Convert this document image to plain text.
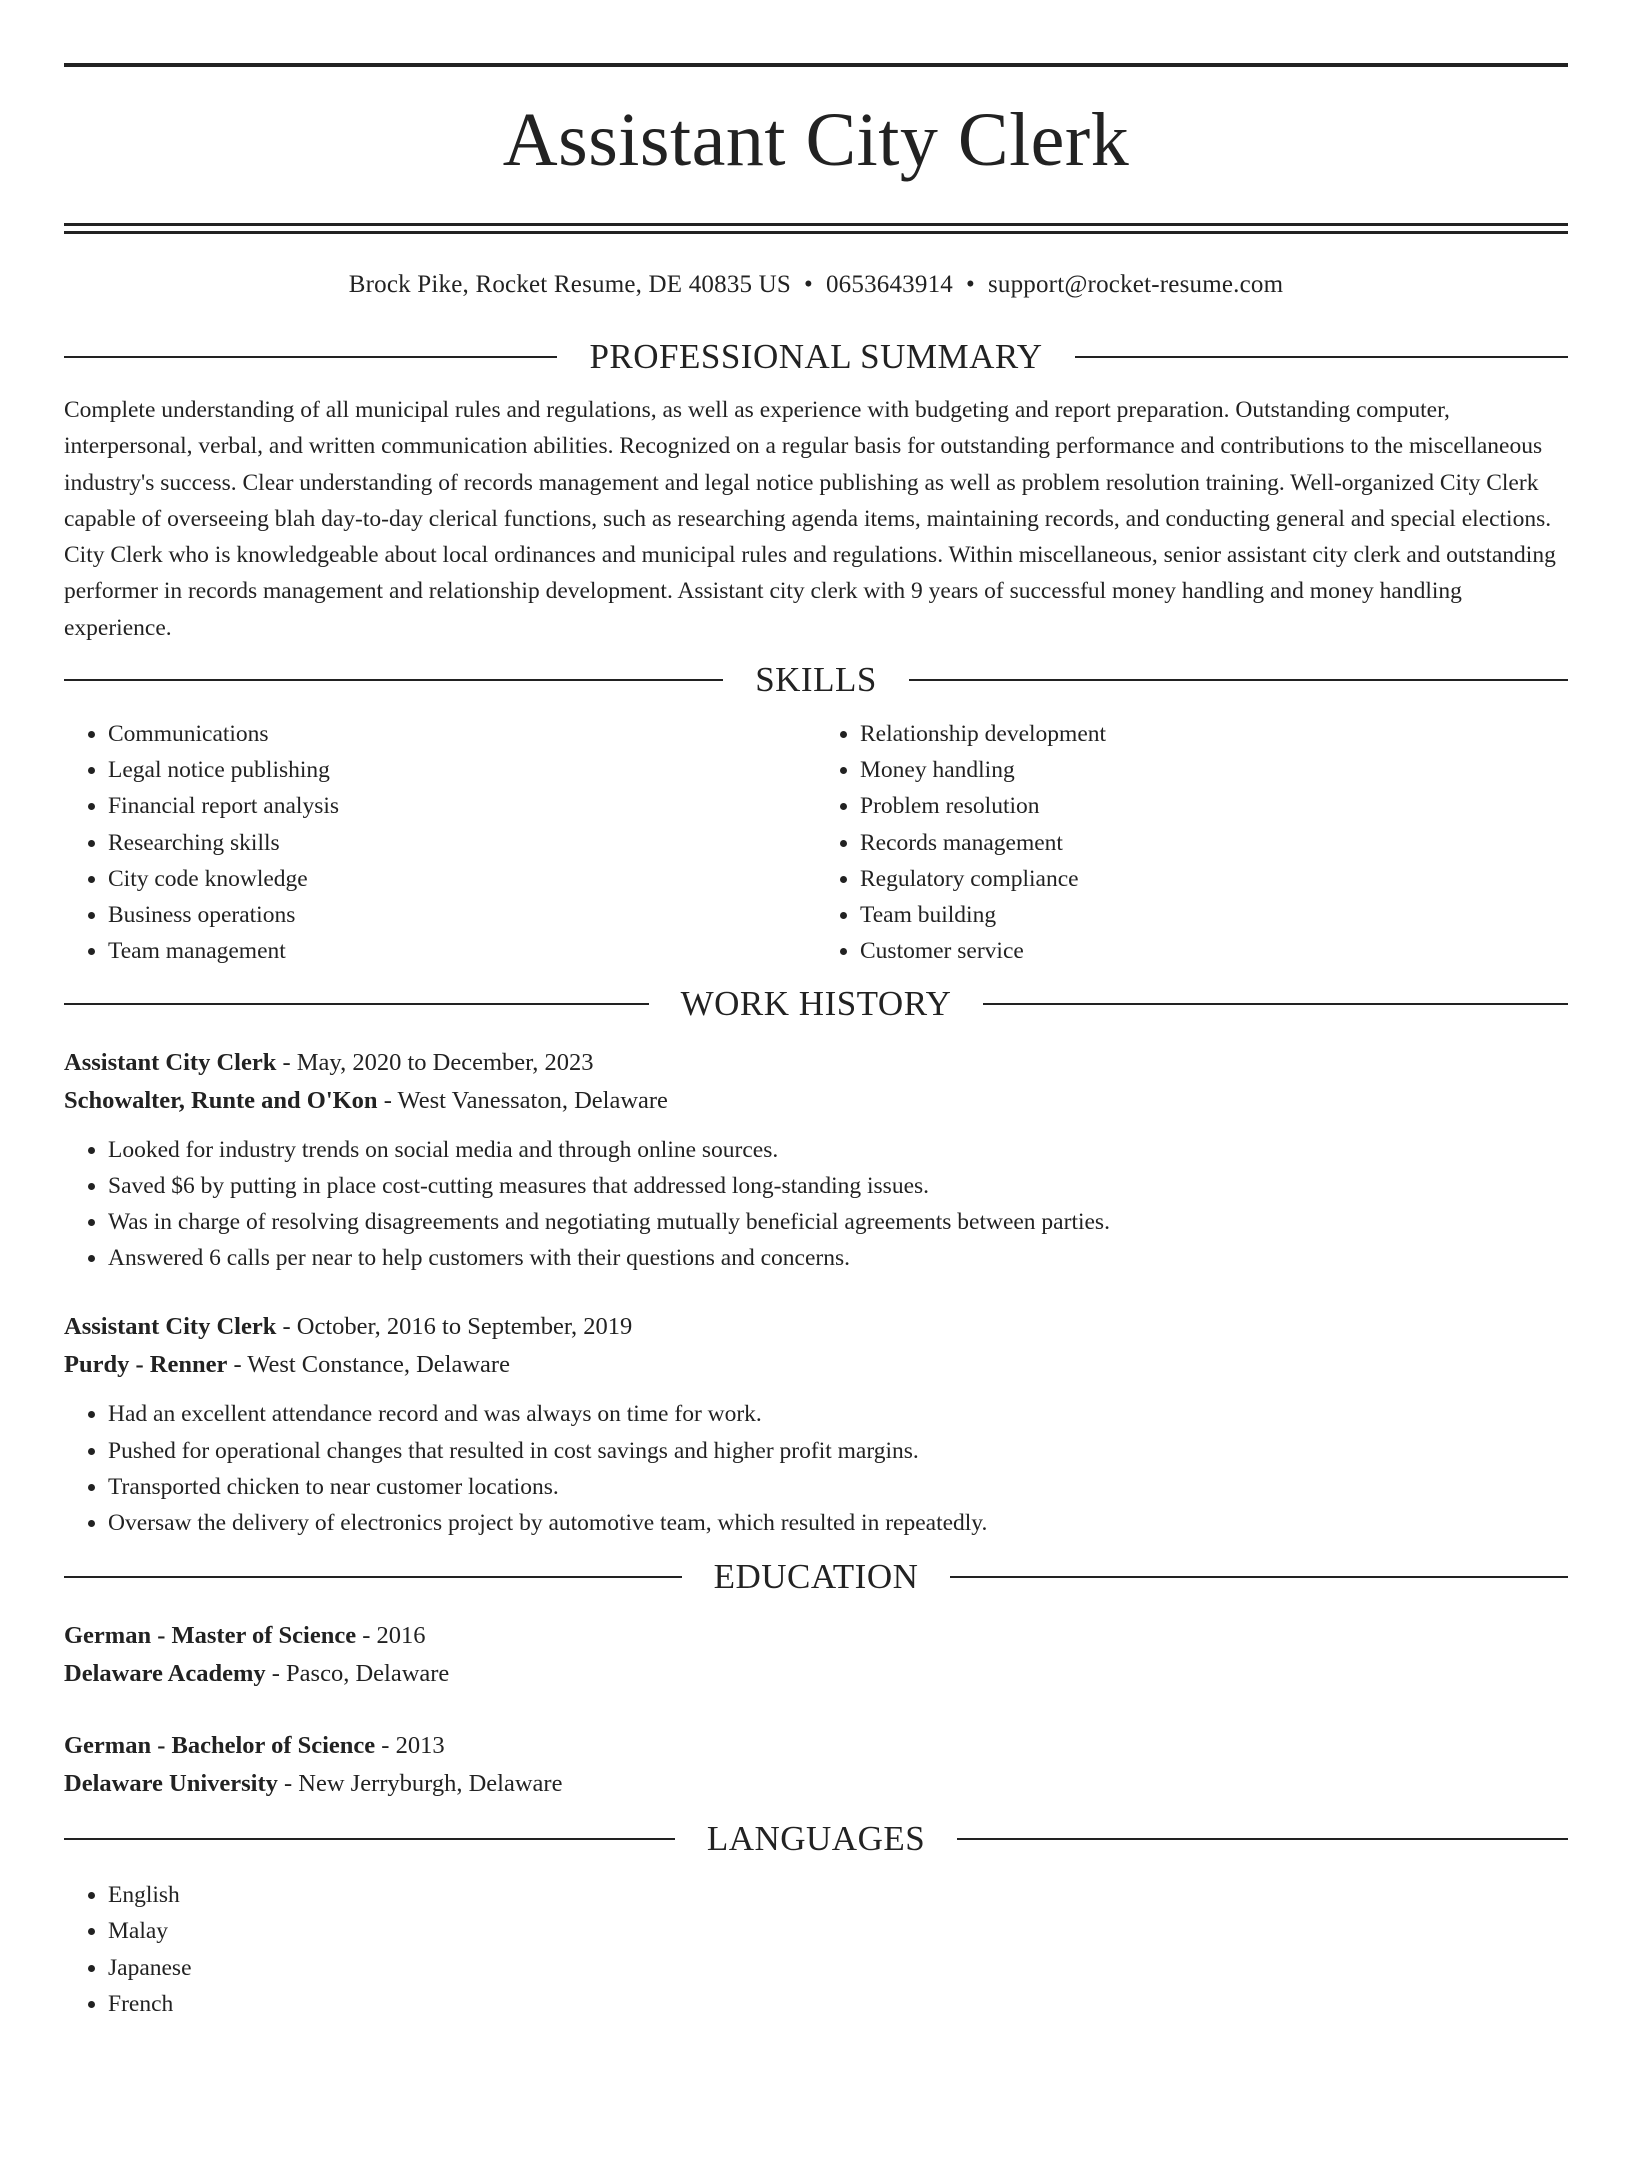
Assistant City Clerk
Brock Pike, Rocket Resume, DE 40835 US • 0653643914 • support@rocket-resume.com
PROFESSIONAL SUMMARY

Complete understanding of all municipal rules and regulations, as well as experience with budgeting and report preparation. Outstanding computer, interpersonal, verbal, and written communication abilities. Recognized on a regular basis for outstanding performance and contributions to the miscellaneous industry's success. Clear understanding of records management and legal notice publishing as well as problem resolution training. Well-organized City Clerk capable of overseeing blah day-to-day clerical functions, such as researching agenda items, maintaining records, and conducting general and special elections. City Clerk who is knowledgeable about local ordinances and municipal rules and regulations. Within miscellaneous, senior assistant city clerk and outstanding performer in records management and relationship development. Assistant city clerk with 9 years of successful money handling and money handling experience.

SKILLS
• Communications
• Legal notice publishing
• Financial report analysis
• Researching skills
• City code knowledge
• Business operations
• Team management
• Relationship development
• Money handling
• Problem resolution
• Records management
• Regulatory compliance
• Team building
• Customer service
WORK HISTORY
Assistant City Clerk - May, 2020 to December, 2023
Schowalter, Runte and O'Kon - West Vanessaton, Delaware
• Looked for industry trends on social media and through online sources.
• Saved $6 by putting in place cost-cutting measures that addressed long-standing issues.
• Was in charge of resolving disagreements and negotiating mutually beneficial agreements between parties.
• Answered 6 calls per near to help customers with their questions and concerns.
Assistant City Clerk - October, 2016 to September, 2019
Purdy - Renner - West Constance, Delaware
• Had an excellent attendance record and was always on time for work.
• Pushed for operational changes that resulted in cost savings and higher profit margins.
• Transported chicken to near customer locations.
• Oversaw the delivery of electronics project by automotive team, which resulted in repeatedly.
EDUCATION
German - Master of Science - 2016
Delaware Academy - Pasco, Delaware
German - Bachelor of Science - 2013
Delaware University - New Jerryburgh, Delaware
LANGUAGES
• English
• Malay
• Japanese
• French
